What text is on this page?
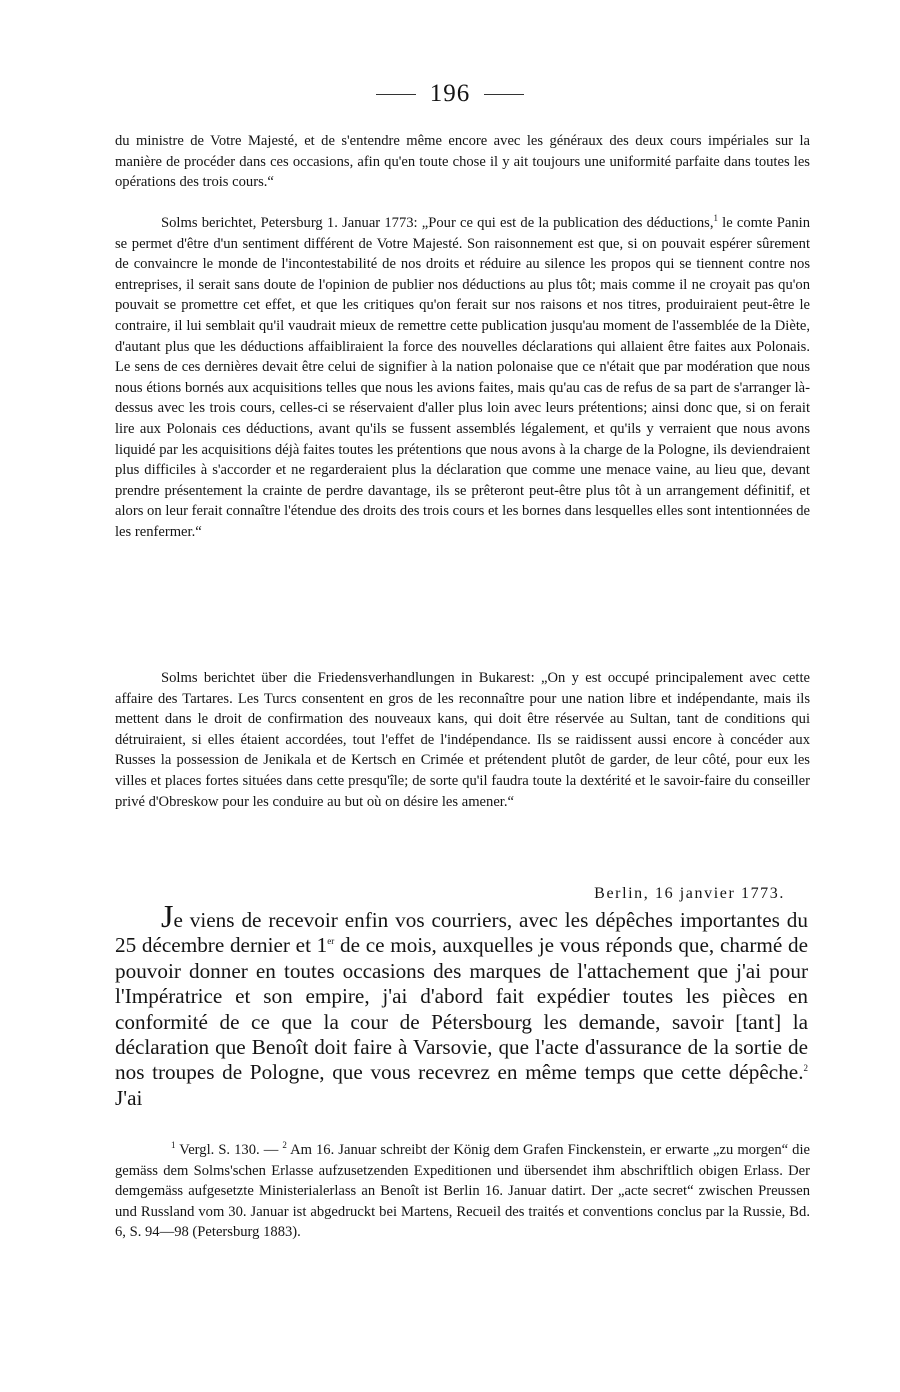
196

du ministre de Votre Majesté, et de s'entendre même encore avec les généraux des deux cours impériales sur la manière de procéder dans ces occasions, afin qu'en toute chose il y ait toujours une uniformité parfaite dans toutes les opérations des trois cours.“

Solms berichtet, Petersburg 1. Januar 1773: „Pour ce qui est de la publication des déductions,$^1$ le comte Panin se permet d'être d'un sentiment différent de Votre Majesté. Son raisonnement est que, si on pouvait espérer sûrement de convaincre le monde de l'incontestabilité de nos droits et réduire au silence les propos qui se tiennent contre nos entreprises, il serait sans doute de l'opinion de publier nos déductions au plus tôt; mais comme il ne croyait pas qu'on pouvait se promettre cet effet, et que les critiques qu'on ferait sur nos raisons et nos titres, produiraient peut-être le contraire, il lui semblait qu'il vaudrait mieux de remettre cette publication jusqu'au moment de l'assemblée de la Diète, d'autant plus que les déductions affaibliraient la force des nouvelles déclarations qui allaient être faites aux Polonais. Le sens de ces dernières devait être celui de signifier à la nation polonaise que ce n'était que par modération que nous nous étions bornés aux acquisitions telles que nous les avions faites, mais qu'au cas de refus de sa part de s'arranger là-dessus avec les trois cours, celles-ci se réservaient d'aller plus loin avec leurs prétentions; ainsi donc que, si on ferait lire aux Polonais ces déductions, avant qu'ils se fussent assemblés légalement, et qu'ils y verraient que nous avons liquidé par les acquisitions déjà faites toutes les prétentions que nous avons à la charge de la Pologne, ils deviendraient plus difficiles à s'accorder et ne regarderaient plus la déclaration que comme une menace vaine, au lieu que, devant prendre présentement la crainte de perdre davantage, ils se prêteront peut-être plus tôt à un arrangement définitif, et alors on leur ferait connaître l'étendue des droits des trois cours et les bornes dans lesquelles elles sont intentionnées de les renfermer.“

Solms berichtet über die Friedensverhandlungen in Bukarest: „On y est occupé principalement avec cette affaire des Tartares. Les Turcs consentent en gros de les reconnaître pour une nation libre et indépendante, mais ils mettent dans le droit de confirmation des nouveaux kans, qui doit être réservée au Sultan, tant de conditions qui détruiraient, si elles étaient accordées, tout l'effet de l'indépendance. Ils se raidissent aussi encore à concéder aux Russes la possession de Jenikala et de Kertsch en Crimée et prétendent plutôt de garder, de leur côté, pour eux les villes et places fortes situées dans cette presqu'île; de sorte qu'il faudra toute la dextérité et le savoir-faire du conseiller privé d'Obreskow pour les conduire au but où on désire les amener.“

Berlin, 16 janvier 1773.

Je viens de recevoir enfin vos courriers, avec les dépêches importantes du 25 décembre dernier et 1er de ce mois, auxquelles je vous réponds que, charmé de pouvoir donner en toutes occasions des marques de l'attachement que j'ai pour l'Impératrice et son empire, j'ai d'abord fait expédier toutes les pièces en conformité de ce que la cour de Pétersbourg les demande, savoir [tant] la déclaration que Benoît doit faire à Varsovie, que l'acte d'assurance de la sortie de nos troupes de Pologne, que vous recevrez en même temps que cette dépêche.$^2$ J'ai

$^1$ Vergl. S. 130. — $^2$ Am 16. Januar schreibt der König dem Grafen Finckenstein, er erwarte „zu morgen“ die gemäss dem Solms'schen Erlasse aufzusetzenden Expeditionen und übersendet ihm abschriftlich obigen Erlass. Der demgemäss aufgesetzte Ministerialerlass an Benoît ist Berlin 16. Januar datirt. Der „acte secret“ zwischen Preussen und Russland vom 30. Januar ist abgedruckt bei Martens, Recueil des traités et conventions conclus par la Russie, Bd. 6, S. 94—98 (Petersburg 1883).
